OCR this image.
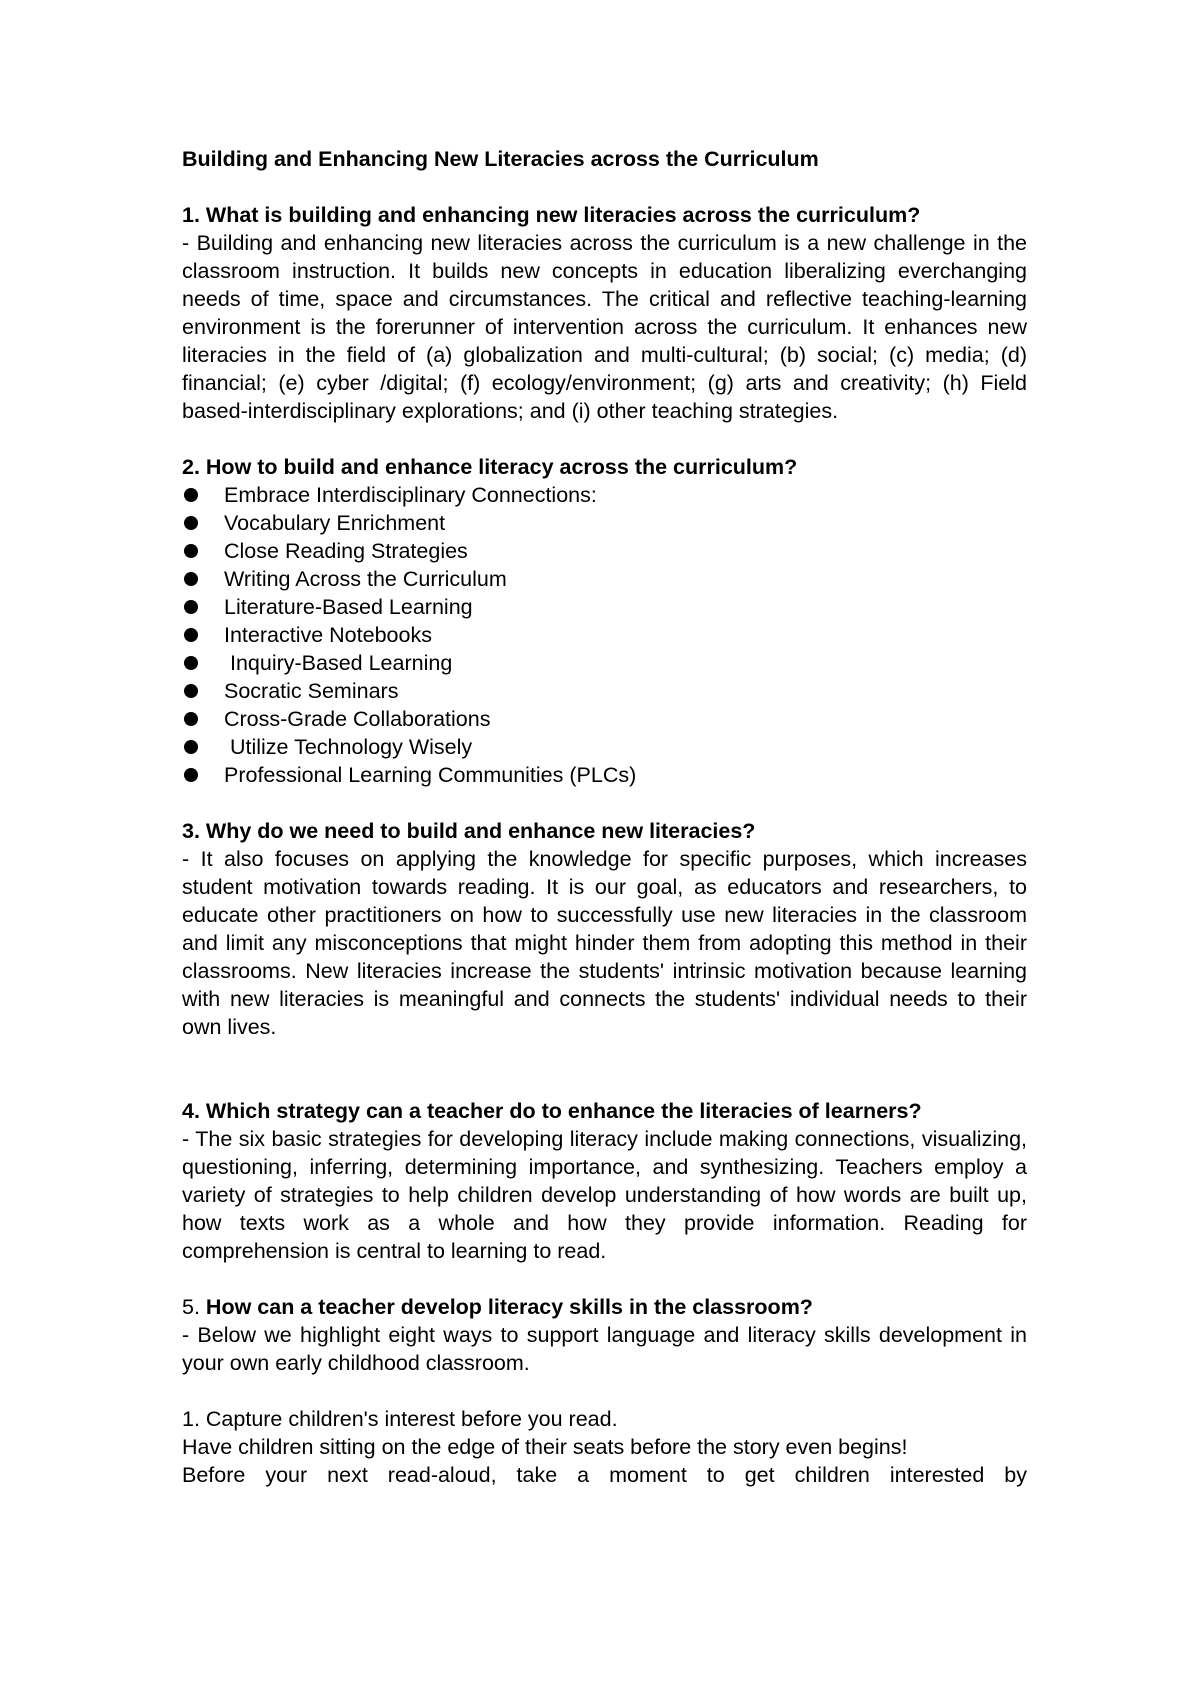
Building and Enhancing New Literacies across the Curriculum

1. What is building and enhancing new literacies across the curriculum?

- Building and enhancing new literacies across the curriculum is a new challenge in the classroom instruction. It builds new concepts in education liberalizing everchanging needs of time, space and circumstances. The critical and reflective teaching-learning environment is the forerunner of intervention across the curriculum. It enhances new literacies in the field of (a) globalization and multi-cultural; (b) social; (c) media; (d) financial; (e) cyber /digital; (f) ecology/environment; (g) arts and creativity; (h) Field based-interdisciplinary explorations; and (i) other teaching strategies.

2. How to build and enhance literacy across the curriculum?

Embrace Interdisciplinary Connections:
Vocabulary Enrichment
Close Reading Strategies
Writing Across the Curriculum
Literature-Based Learning
Interactive Notebooks
Inquiry-Based Learning
Socratic Seminars
Cross-Grade Collaborations
Utilize Technology Wisely
Professional Learning Communities (PLCs)

3. Why do we need to build and enhance new literacies?

- It also focuses on applying the knowledge for specific purposes, which increases student motivation towards reading. It is our goal, as educators and researchers, to educate other practitioners on how to successfully use new literacies in the classroom and limit any misconceptions that might hinder them from adopting this method in their classrooms. New literacies increase the students' intrinsic motivation because learning with new literacies is meaningful and connects the students' individual needs to their own lives.

4. Which strategy can a teacher do to enhance the literacies of learners?

- The six basic strategies for developing literacy include making connections, visualizing, questioning, inferring, determining importance, and synthesizing. Teachers employ a variety of strategies to help children develop understanding of how words are built up, how texts work as a whole and how they provide information. Reading for comprehension is central to learning to read.

5. How can a teacher develop literacy skills in the classroom?

- Below we highlight eight ways to support language and literacy skills development in your own early childhood classroom.

1. Capture children's interest before you read.

Have children sitting on the edge of their seats before the story even begins!

Before your next read-aloud, take a moment to get children interested by
